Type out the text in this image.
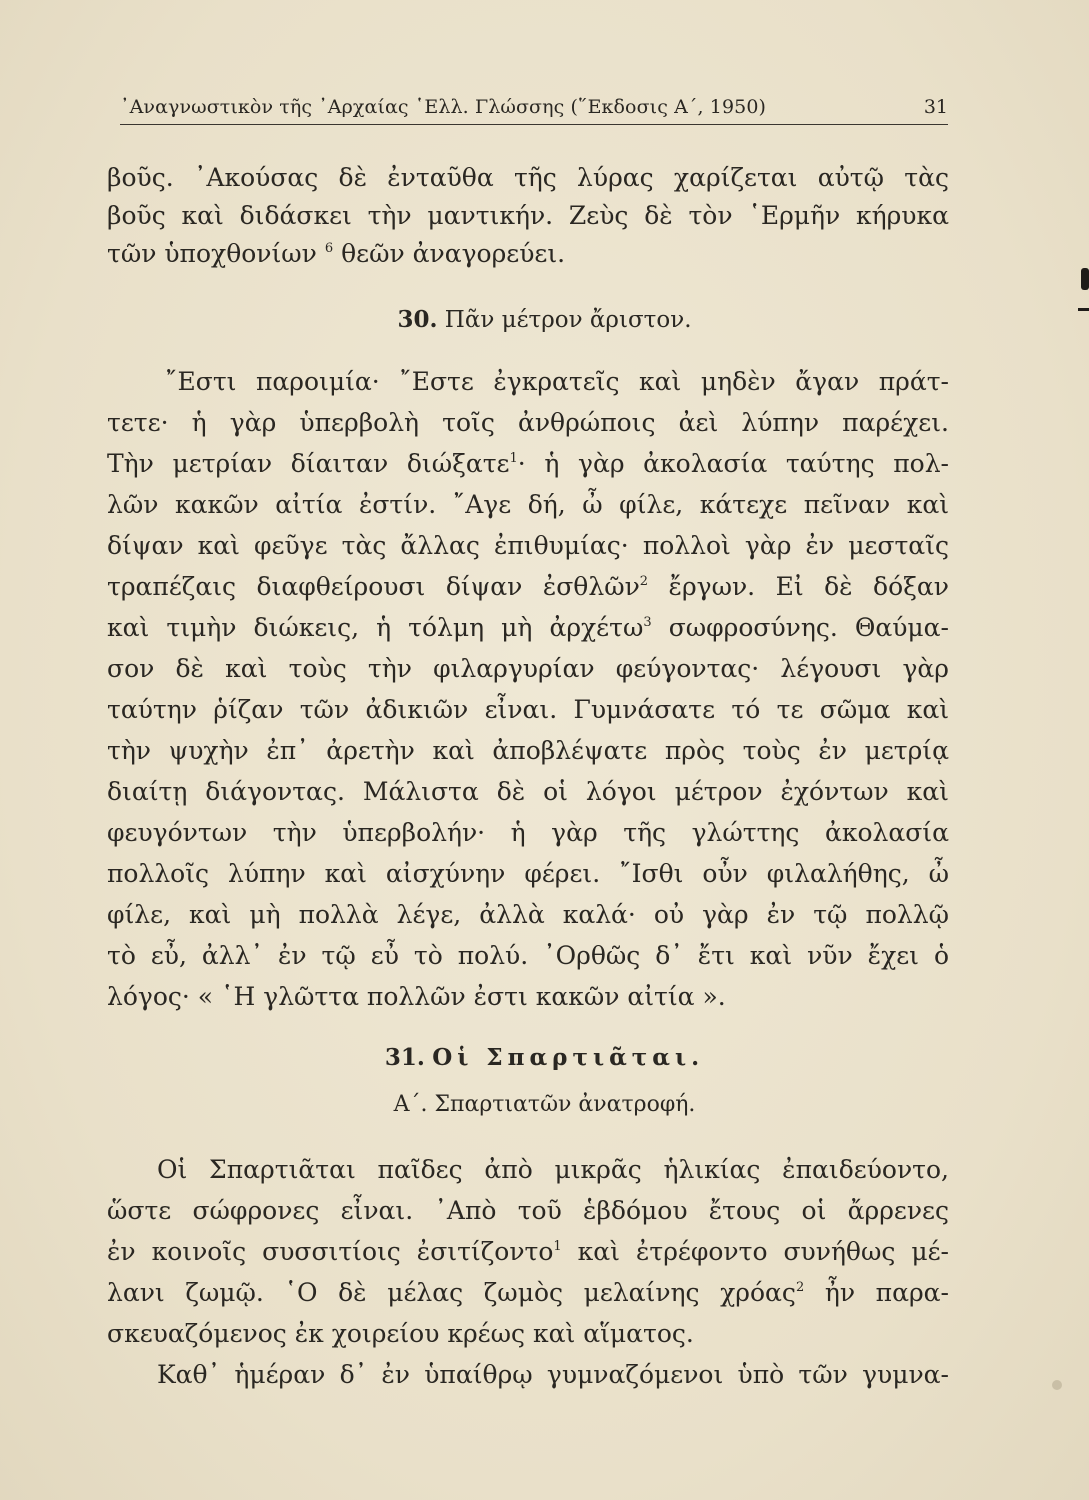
᾽Αναγνωστικὸν τῆς ᾽Αρχαίας ῾Ελλ. Γλώσσης (῞Εκδοσις Α΄, 1950)	31
βοῦς. ᾽Ακούσας δὲ ἐνταῦθα τῆς λύρας χαρίζεται αὐτῷ τὰς
βοῦς καὶ διδάσκει τὴν μαντικήν. Ζεὺς δὲ τὸν ῾Ερμῆν κήρυκα
τῶν ὑποχθονίων $^6$ θεῶν ἀναγορεύει.
30. Πᾶν μέτρον ἄριστον.
῎Εστι παροιμία· ῎Εστε ἐγκρατεῖς καὶ μηδὲν ἄγαν πράτ-
τετε· ἡ γὰρ ὑπερβολὴ τοῖς ἀνθρώποις ἀεὶ λύπην παρέχει.
Τὴν μετρίαν δίαιταν διώξατε$^1$· ἡ γὰρ ἀκολασία ταύτης πολ-
λῶν κακῶν αἰτία ἐστίν. ῎Αγε δή, ὦ φίλε, κάτεχε πεῖναν καὶ
δίψαν καὶ φεῦγε τὰς ἄλλας ἐπιθυμίας· πολλοὶ γὰρ ἐν μεσταῖς
τραπέζαις διαφθείρουσι δίψαν ἐσθλῶν$^2$ ἔργων. Εἰ δὲ δόξαν
καὶ τιμὴν διώκεις, ἡ τόλμη μὴ ἀρχέτω$^3$ σωφροσύνης. Θαύμα-
σον δὲ καὶ τοὺς τὴν φιλαργυρίαν φεύγοντας· λέγουσι γὰρ
ταύτην ῥίζαν τῶν ἀδικιῶν εἶναι. Γυμνάσατε τό τε σῶμα καὶ
τὴν ψυχὴν ἐπ᾽ ἀρετὴν καὶ ἀποβλέψατε πρὸς τοὺς ἐν μετρίᾳ
διαίτῃ διάγοντας. Μάλιστα δὲ οἱ λόγοι μέτρον ἐχόντων καὶ
φευγόντων τὴν ὑπερβολήν· ἡ γὰρ τῆς γλώττης ἀκολασία
πολλοῖς λύπην καὶ αἰσχύνην φέρει. ῎Ισθι οὖν φιλαλήθης, ὦ
φίλε, καὶ μὴ πολλὰ λέγε, ἀλλὰ καλά· οὐ γὰρ ἐν τῷ πολλῷ
τὸ εὖ, ἀλλ᾽ ἐν τῷ εὖ τὸ πολύ. ᾽Ορθῶς δ᾽ ἔτι καὶ νῦν ἔχει ὁ
λόγος· « ῾Η γλῶττα πολλῶν ἐστι κακῶν αἰτία ».
31. Οἱ Σπαρτιᾶται.
Α΄. Σπαρτιατῶν ἀνατροφή.
Οἱ Σπαρτιᾶται παῖδες ἀπὸ μικρᾶς ἡλικίας ἐπαιδεύοντο,
ὥστε σώφρονες εἶναι. ᾽Απὸ τοῦ ἑβδόμου ἔτους οἱ ἄρρενες
ἐν κοινοῖς συσσιτίοις ἐσιτίζοντο$^1$ καὶ ἐτρέφοντο συνήθως μέ-
λανι ζωμῷ. ῾Ο δὲ μέλας ζωμὸς μελαίνης χρόας$^2$ ἦν παρα-
σκευαζόμενος ἐκ χοιρείου κρέως καὶ αἵματος.
Καθ᾽ ἡμέραν δ᾽ ἐν ὑπαίθρῳ γυμναζόμενοι ὑπὸ τῶν γυμνα-
